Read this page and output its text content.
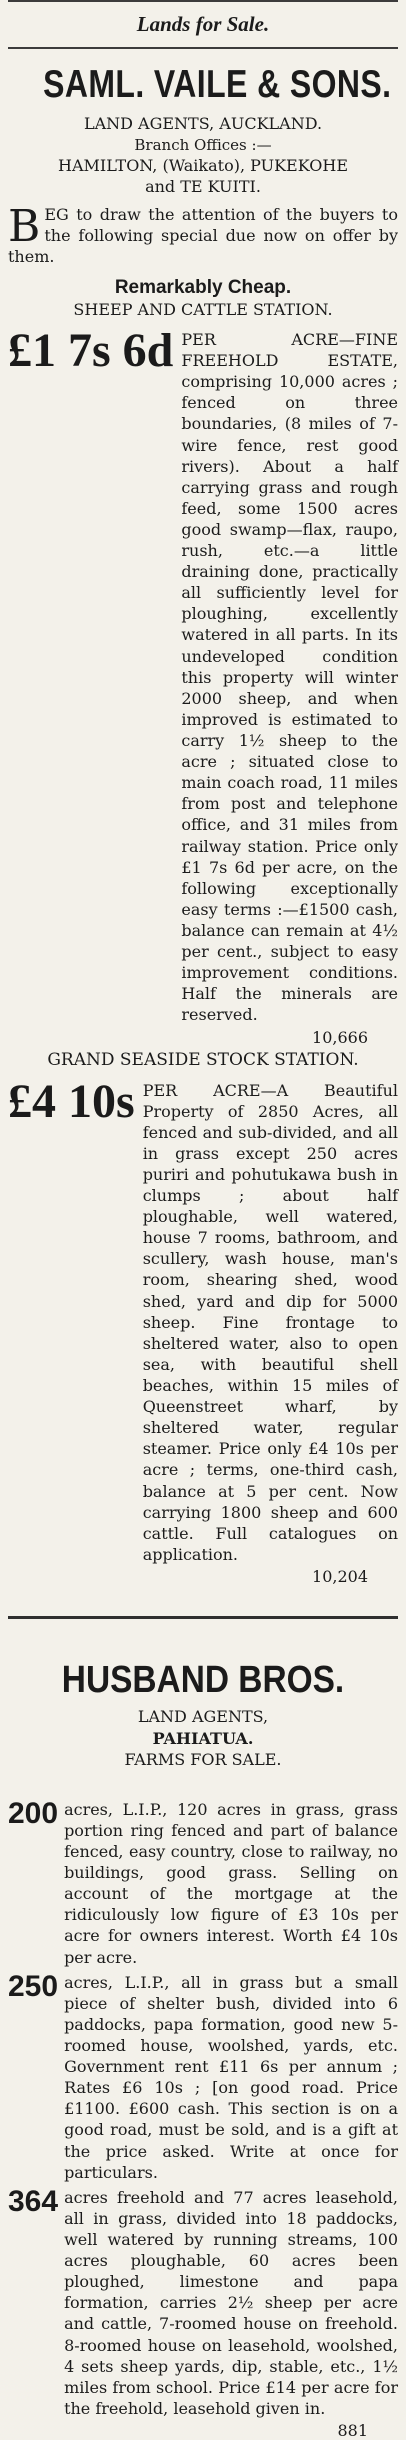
Lands for Sale.
SAML. VAILE & SONS.
LAND AGENTS, AUCKLAND.
Branch Offices :—
HAMILTON, (Waikato), PUKEKOHE
and TE KUITI.

B EG to draw the attention of the buyers to the following special due now on offer by them.

Remarkably Cheap.
SHEEP AND CATTLE STATION.
£1 7s 6d PER ACRE—FINE FREEHOLD ESTATE, comprising 10,000 acres ; fenced on three boundaries, (8 miles of 7-wire fence, rest good rivers). About a half carrying grass and rough feed, some 1500 acres good swamp—flax, raupo, rush, etc.—a little draining done, practically all sufficiently level for ploughing, excellently watered in all parts. In its undeveloped condition this property will winter 2000 sheep, and when improved is estimated to carry 1½ sheep to the acre ; situated close to main coach road, 11 miles from post and telephone office, and 31 miles from railway station. Price only £1 7s 6d per acre, on the following exceptionally easy terms :—£1500 cash, balance can remain at 4½ per cent., subject to easy improvement conditions. Half the minerals are reserved.
10,666
GRAND SEASIDE STOCK STATION.
£4 10s PER ACRE—A Beautiful Property of 2850 Acres, all fenced and sub-divided, and all in grass except 250 acres puriri and pohutukawa bush in clumps ; about half ploughable, well watered, house 7 rooms, bathroom, and scullery, wash house, man's room, shearing shed, wood shed, yard and dip for 5000 sheep. Fine frontage to sheltered water, also to open sea, with beautiful shell beaches, within 15 miles of Queenstreet wharf, by sheltered water, regular steamer. Price only £4 10s per acre ; terms, one-third cash, balance at 5 per cent. Now carrying 1800 sheep and 600 cattle. Full catalogues on application.
10,204
HUSBAND BROS.
LAND AGENTS,
PAHIATUA.
FARMS FOR SALE.
200 acres, L.I.P., 120 acres in grass, grass portion ring fenced and part of balance fenced, easy country, close to railway, no buildings, good grass. Selling on account of the mortgage at the ridiculously low figure of £3 10s per acre for owners interest. Worth £4 10s per acre.
250 acres, L.I.P., all in grass but a small piece of shelter bush, divided into 6 paddocks, papa formation, good new 5-roomed house, woolshed, yards, etc. Government rent £11 6s per annum ; Rates £6 10s ; [on good road. Price £1100. £600 cash. This section is on a good road, must be sold, and is a gift at the price asked. Write at once for particulars.
364 acres freehold and 77 acres leasehold, all in grass, divided into 18 paddocks, well watered by running streams, 100 acres ploughable, 60 acres been ploughed, limestone and papa formation, carries 2½ sheep per acre and cattle, 7-roomed house on freehold. 8-roomed house on leasehold, woolshed, 4 sets sheep yards, dip, stable, etc., 1½ miles from school. Price £14 per acre for the freehold, leasehold given in.
881
